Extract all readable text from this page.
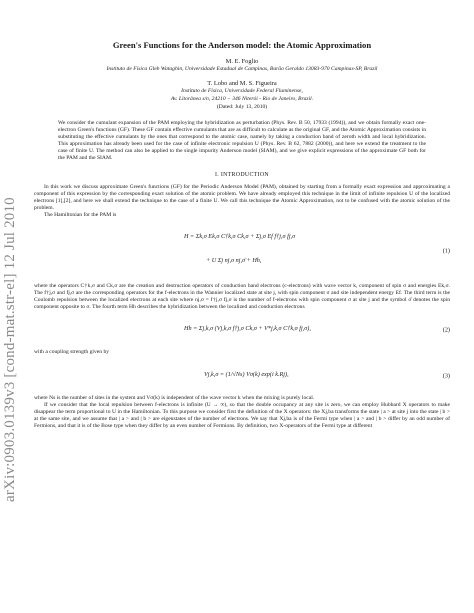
arXiv:0903.0139v3 [cond-mat.str-el] 12 Jul 2010
Green's Functions for the Anderson model: the Atomic Approximation
M. E. Foglio
Instituto de Física Gleb Wataghin, Universidade Estadual de Campinas, Barão Geraldo 13083-970 Campinas-SP, Brazil
T. Lobo and M. S. Figueira
Instituto de Física, Universidade Federal Fluminense,
Av. Litorânea s/n, 24210 − 346 Niterói - Rio de Janeiro, Brazil.
(Dated: July 13, 2010)
We consider the cumulant expansion of the PAM employing the hybridization as perturbation (Phys. Rev. B 50, 17933 (1994)), and we obtain formally exact one-electron Green's functions (GF). These GF contain effective cumulants that are as difficult to calculate as the original GF, and the Atomic Approximation consists in substituting the effective cumulants by the ones that correspond to the atomic case, namely by taking a conduction band of zeroth width and local hybridization. This approximation has already been used for the case of infinite electronic repulsion U (Phys. Rev. B 62, 7882 (2000)), and here we extend the treatment to the case of finite U. The method can also be applied to the single impurity Anderson model (SIAM), and we give explicit expressions of the approximate GF both for the PAM and the SIAM.
I. INTRODUCTION

In this work we discuss approximate Green's functions (GF) for the Periodic Anderson Model (PAM), obtained by starting from a formally exact expression and approximating a component of this expression by the corresponding exact solution of the atomic problem. We have already employed this technique in the limit of infinite repulsion U of the localized electrons [1],[2], and here we shall extend the technique to the case of a finite U. We call this technique the Atomic Approximation, not to be confused with the atomic solution of the problem.

The Hamiltonian for the PAM is

H = Σk,σ Ek,σ C†k,σ Ck,σ + Σj,σ Ef f†j,σ fj,σ
+ U Σj nj,σ nj,σ̄ + Hh,
(1)

where the operators C†k,σ and Ck,σ are the creation and destruction operators of conduction band electrons (c-electrons) with wave vector k, component of spin σ and energies Ek,σ. The f†j,σ and fj,σ are the corresponding operators for the f-electrons in the Wannier localized state at site j, with spin component σ and site independent energy Ef. The third term is the Coulomb repulsion between the localized electrons at each site where nj,σ = f†j,σ fj,σ is the number of f-electrons with spin component σ at site j and the symbol σ̄ denotes the spin component opposite to σ. The fourth term Hh describes the hybridization between the localized and conduction electrons

Hh = Σj,k,σ (Vj,k,σ f†j,σ Ck,σ + V*j,k,σ C†k,σ fj,σ),	(2)

with a coupling strength given by

Vj,k,σ = (1/√Ns) Vσ(k) exp(i k.Rj),	(3)

where Ns is the number of sites in the system and Vσ(k) is independent of the wave vector k when the mixing is purely local.

If we consider that the local repulsion between f-electrons is infinite (U → ∞), so that the double occupancy at any site is zero, we can employ Hubbard X operators to make disappear the term proportional to U in the Hamiltonian. To this purpose we consider first the definition of the X operators: the Xj,ba transforms the state | a > at site j into the state | b > at the same site, and we assume that | a > and | b > are eigenstates of the number of electrons. We say that Xj,ba is of the Fermi type when | a > and | b > differ by an odd number of Fermions, and that it is of the Bose type when they differ by an even number of Fermions. By definition, two X-operators of the Fermi type at different
